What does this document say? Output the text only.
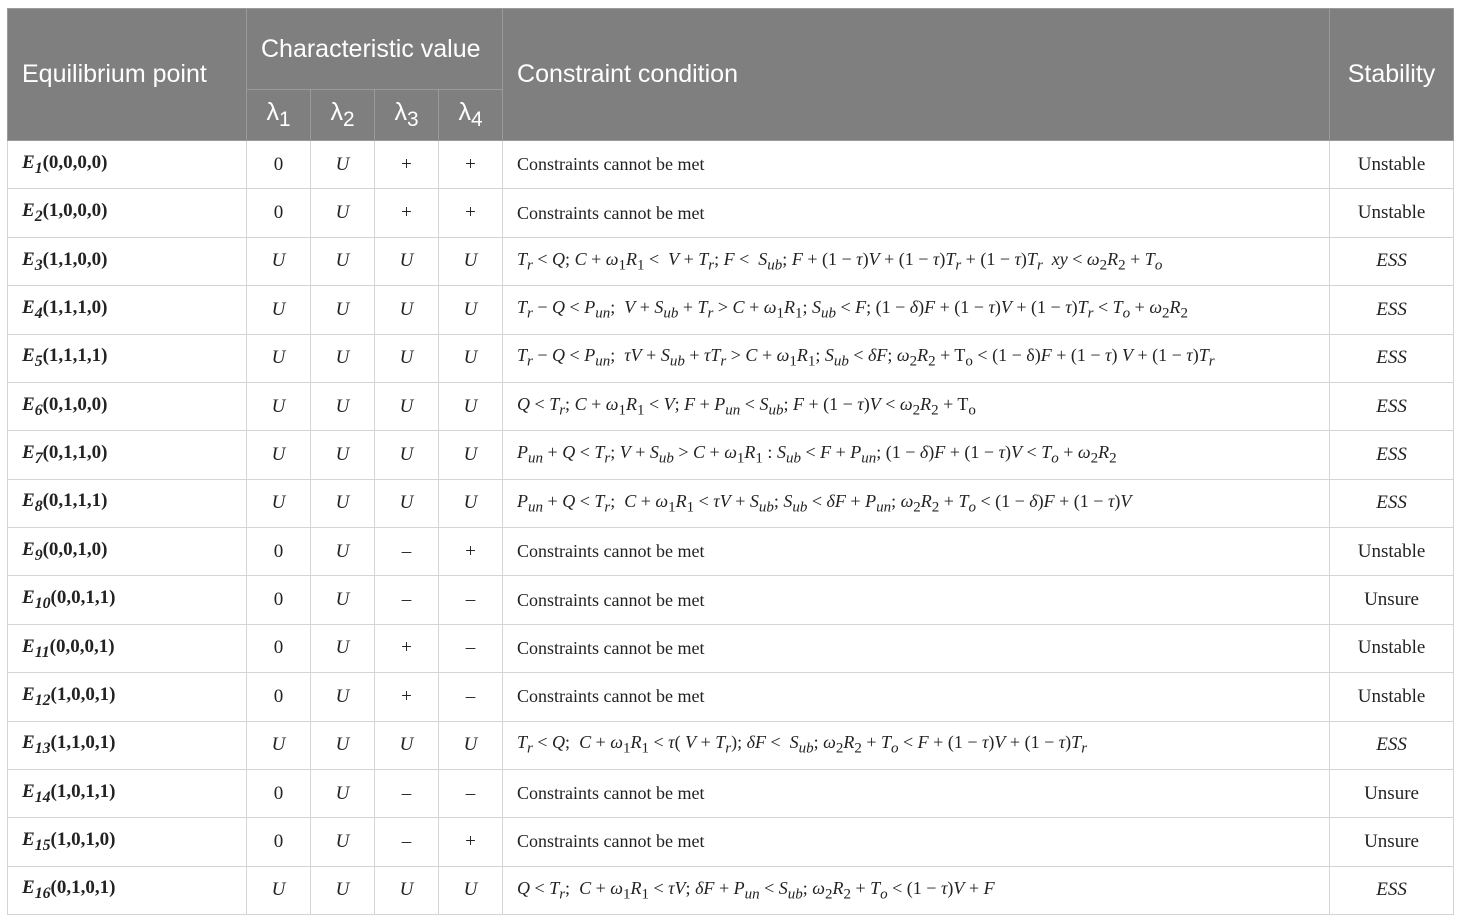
Equilibrium point	Characteristic value				Constraint condition	Stability
	$\lambda_1$	$\lambda_2$	$\lambda_3$	$\lambda_4$
$E_1(0,0,0,0)$	0	U	+	+	Constraints cannot be met	Unstable
$E_2(1,0,0,0)$	0	U	+	+	Constraints cannot be met	Unstable
$E_3(1,1,0,0)$	U	U	U	U	$T_r < Q$; $C + \omega_1R_1 < V + T_r$; $F < S_{ub}$; $F + (1 - \tau)V + (1 - \tau)T_r + (1 - \tau)T_r$ xy < $\omega_2R_2 + T_o$	ESS
$E_4(1,1,1,0)$	U	U	U	U	$T_r - Q < P_{un}$;  $V + S_{ub} + T_r > C + \omega_1R_1$; $S_{ub} < F$; $(1 - \delta)F + (1 - \tau)V + (1 - \tau)T_r < T_o + \omega_2R_2$	ESS
$E_5(1,1,1,1)$	U	U	U	U	$T_r - Q < P_{un}$;  $\tau V + S_{ub} + \tau T_r > C + \omega_1R_1$; $S_{ub} < \delta F$; $\omega_2R_2 + T_o < (1 - \delta)F + (1 - \tau) V + (1 - \tau)T_r$	ESS
$E_6(0,1,0,0)$	U	U	U	U	$Q < T_r$; $C + \omega_1R_1 < V$; $F + P_{un} < S_{ub}$; $F + (1 - \tau)V < \omega_2R_2 + T_o$	ESS
$E_7(0,1,1,0)$	U	U	U	U	$P_{un} + Q < T_r$; $V + S_{ub} > C + \omega_1R_1$ : $S_{ub} < F + P_{un}$; $(1 - \delta)F + (1 - \tau)V < T_o + \omega_2R_2$	ESS
$E_8(0,1,1,1)$	U	U	U	U	$P_{un} + Q < T_r$;  $C + \omega_1R_1 < \tau V + S_{ub}$; $S_{ub} < \delta F + P_{un}$; $\omega_2R_2 + T_o < (1 - \delta)F + (1 - \tau)V$	ESS
$E_9(0,0,1,0)$	0	U	–	+	Constraints cannot be met	Unstable
$E_{10}(0,0,1,1)$	0	U	–	–	Constraints cannot be met	Unsure
$E_{11}(0,0,0,1)$	0	U	+	–	Constraints cannot be met	Unstable
$E_{12}(1,0,0,1)$	0	U	+	–	Constraints cannot be met	Unstable
$E_{13}(1,1,0,1)$	U	U	U	U	$T_r < Q$;  $C + \omega_1R_1 < \tau$( $V + T_r$); $\delta F < S_{ub}$; $\omega_2R_2 + T_o < F + (1 - \tau)V + (1 - \tau)T_r$	ESS
$E_{14}(1,0,1,1)$	0	U	–	–	Constraints cannot be met	Unsure
$E_{15}(1,0,1,0)$	0	U	–	+	Constraints cannot be met	Unsure
$E_{16}(0,1,0,1)$	U	U	U	U	$Q < T_r$;  $C + \omega_1R_1 < \tau V$; $\delta F + P_{un} < S_{ub}$; $\omega_2R_2 + T_o < (1 - \tau)V + F$	ESS
